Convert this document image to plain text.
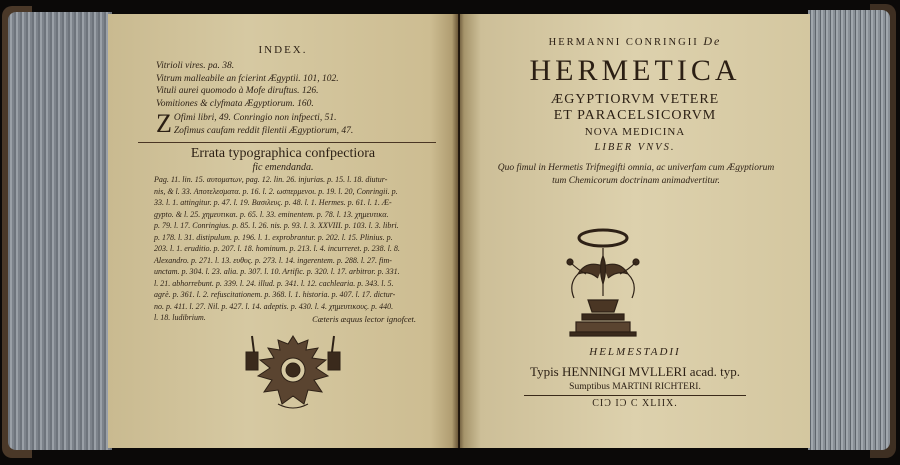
INDEX.
Vitrioli vires. pa. 38.
Vitrum malleabile an fcierint Ægyptii. 101, 102.
Vituli aurei quomodo à Mofe diruftus. 126.
Vomitiones & clyfmata Ægyptiorum. 160.
Z Ofimi libri, 49. Conringio non infpecti, 51.
Zofimus caufam reddit filentii Ægyptiorum, 47.
Errata typographica confpectiora
fic emendanda.
Pag. 11. lin. 15. αυτοματων, pag. 12. lin. 26. injurias. p. 15. l. 18. diutur-
nis, & l. 33. Αποτελεσματα. p. 16. l. 2. ωσπερμενοι. p. 19. l. 20, Conringii. p.
33. l. 1. attingitur. p. 47. l. 19. Βασιλευς. p. 48. l. 1. Hermes. p. 61. l. 1. Æ-
gypto. & l. 25. χημευτικαι. p. 65. l. 33. eminentem. p. 78. l. 13. χημευτικα.
p. 79. l. 17. Conringius. p. 85. l. 26. nis. p. 93. l. 3. XXVIII. p. 103. l. 3. libri.
p. 178. l. 31. distipulum. p. 196. l. 1. exprobrantur. p. 202. l. 15. Plinius. p.
203. l. 1. eruditio. p. 207. l. 18. hominum. p. 213. l. 4. incurreret. p. 238. l. 8.
Alexandro. p. 271. l. 13. ευθυς. p. 273. l. 14. ingerentem. p. 288. l. 27. fim-
unctam. p. 304. l. 23. alia. p. 307. l. 10. Artific. p. 320. l. 17. arbitror. p. 331.
l. 21. abhorrebunt. p. 339. l. 24. illud. p. 341. l. 12. cachlearia. p. 343. l. 5.
agrè. p. 361. l. 2. refuscitationem. p. 368. l. 1. historia. p. 407. l. 17. dictur-
no. p. 411. l. 27. Nil. p. 427. l. 14. adeptis. p. 430. l. 4. χημευτικους. p. 440.
l. 18. ludibrium.	Cæteris æquus lector ignofcet.
HERMANNI CONRINGII De
HERMETICA
ÆGYPTIORVM VETERE
ET PARACELSICORVM
NOVA MEDICINA
LIBER VNVS.
Quo fimul in Hermetis Trifmegifti omnia, ac univerfam cum Ægyptiorum tum Chemicorum doctrinam animadvertitur.
HELMESTADII
Typis HENNINGI MVLLERI acad. typ.
Sumptibus MARTINI RICHTERI.
CIƆ IƆ C XLIIX.
